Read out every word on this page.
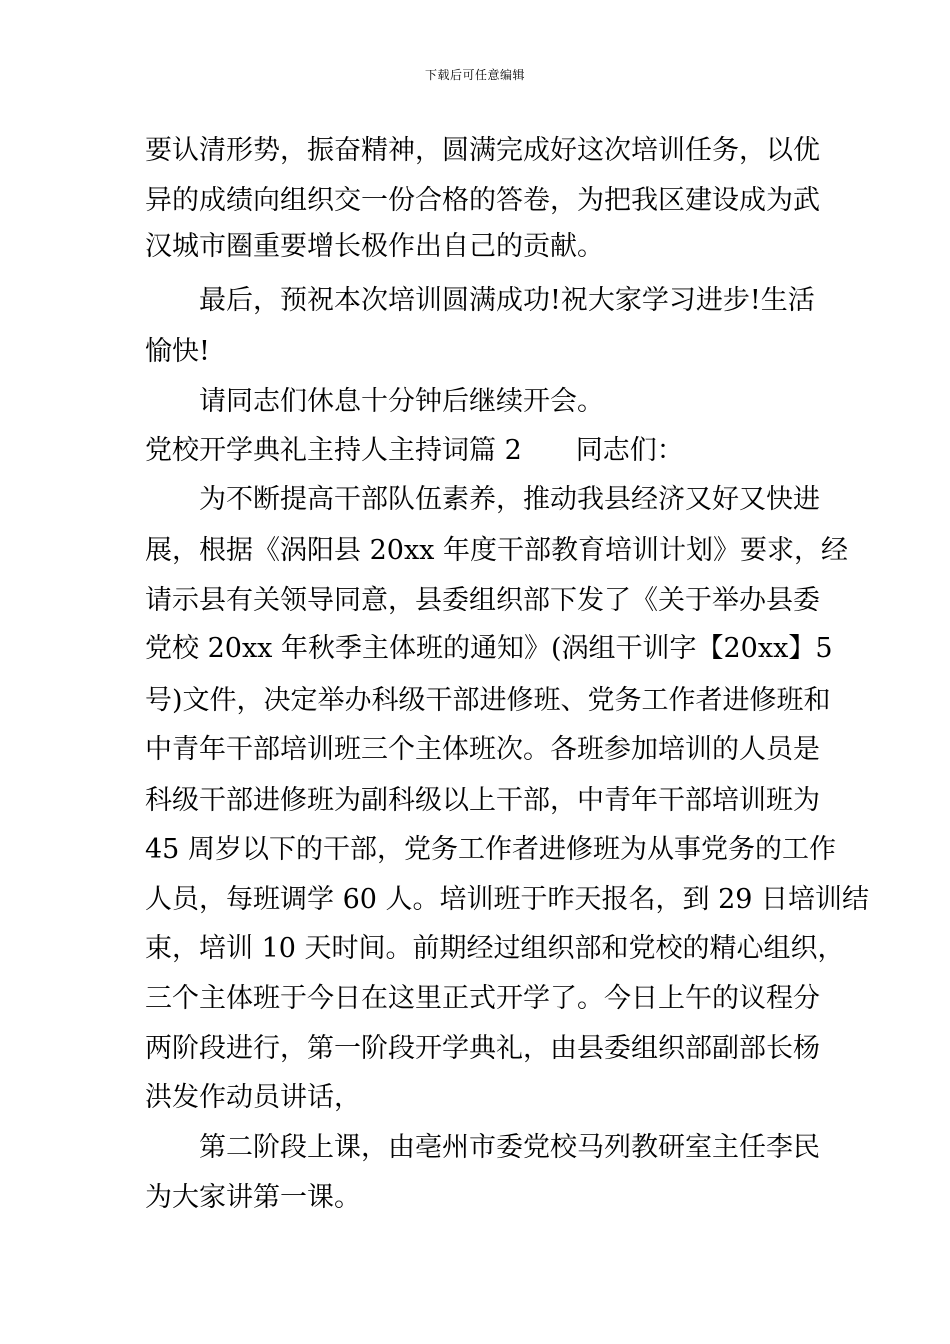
下载后可任意编辑
要认清形势，振奋精神，圆满完成好这次培训任务，以优
异的成绩向组织交一份合格的答卷，为把我区建设成为武
汉城市圈重要增长极作出自己的贡献。
最后，预祝本次培训圆满成功!祝大家学习进步!生活
愉快!
请同志们休息十分钟后继续开会。
党校开学典礼主持人主持词篇 2 同志们：
为不断提高干部队伍素养，推动我县经济又好又快进
展，根据《涡阳县 20xx 年度干部教育培训计划》要求，经
请示县有关领导同意，县委组织部下发了《关于举办县委
党校 20xx 年秋季主体班的通知》(涡组干训字【20xx】5
号)文件，决定举办科级干部进修班、党务工作者进修班和
中青年干部培训班三个主体班次。各班参加培训的人员是
科级干部进修班为副科级以上干部，中青年干部培训班为
45 周岁以下的干部，党务工作者进修班为从事党务的工作
人员，每班调学 60 人。培训班于昨天报名，到 29 日培训结
束，培训 10 天时间。前期经过组织部和党校的精心组织，
三个主体班于今日在这里正式开学了。今日上午的议程分
两阶段进行，第一阶段开学典礼，由县委组织部副部长杨
洪发作动员讲话，
第二阶段上课，由亳州市委党校马列教研室主任李民
为大家讲第一课。
